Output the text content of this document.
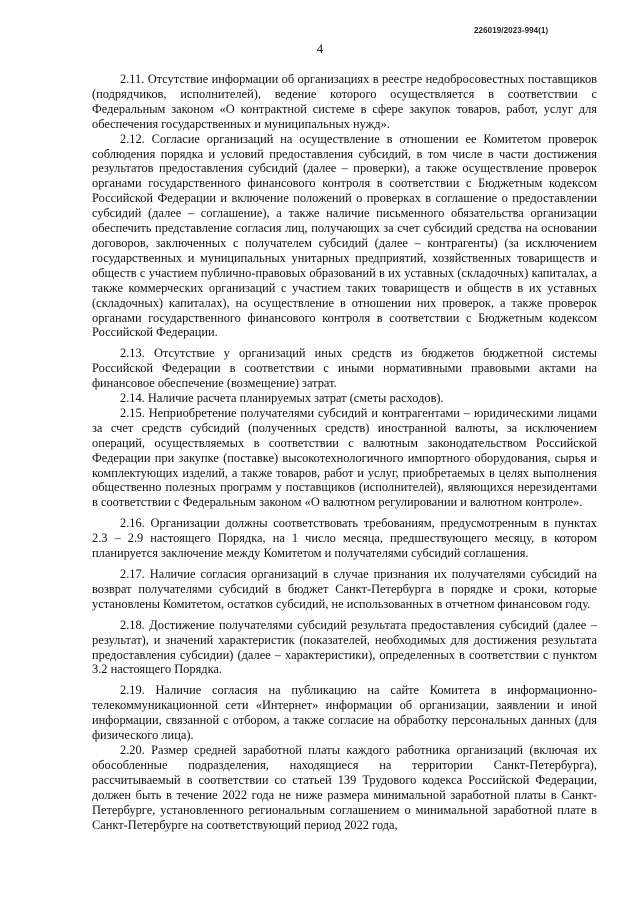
226019/2023-994(1)
4

2.11. Отсутствие информации об организациях в реестре недобросовестных поставщиков (подрядчиков, исполнителей), ведение которого осуществляется в соответствии с Федеральным законом «О контрактной системе в сфере закупок товаров, работ, услуг для обеспечения государственных и муниципальных нужд».

2.12. Согласие организаций на осуществление в отношении ее Комитетом проверок соблюдения порядка и условий предоставления субсидий, в том числе в части достижения результатов предоставления субсидий (далее – проверки), а также осуществление проверок органами государственного финансового контроля в соответствии с Бюджетным кодексом Российской Федерации и включение положений о проверках в соглашение о предоставлении субсидий (далее – соглашение), а также наличие письменного обязательства организации обеспечить представление согласия лиц, получающих за счет субсидий средства на основании договоров, заключенных с получателем субсидий (далее – контрагенты) (за исключением государственных и муниципальных унитарных предприятий, хозяйственных товариществ и обществ с участием публично-правовых образований в их уставных (складочных) капиталах, а также коммерческих организаций с участием таких товариществ и обществ в их уставных (складочных) капиталах), на осуществление в отношении них проверок, а также проверок органами государственного финансового контроля в соответствии с Бюджетным кодексом Российской Федерации.

2.13. Отсутствие у организаций иных средств из бюджетов бюджетной системы Российской Федерации в соответствии с иными нормативными правовыми актами на финансовое обеспечение (возмещение) затрат.

2.14. Наличие расчета планируемых затрат (сметы расходов).

2.15. Неприобретение получателями субсидий и контрагентами – юридическими лицами за счет средств субсидий (полученных средств) иностранной валюты, за исключением операций, осуществляемых в соответствии с валютным законодательством Российской Федерации при закупке (поставке) высокотехнологичного импортного оборудования, сырья и комплектующих изделий, а также товаров, работ и услуг, приобретаемых в целях выполнения общественно полезных программ у поставщиков (исполнителей), являющихся нерезидентами в соответствии с Федеральным законом «О валютном регулировании и валютном контроле».

2.16. Организации должны соответствовать требованиям, предусмотренным в пунктах 2.3 – 2.9 настоящего Порядка, на 1 число месяца, предшествующего месяцу, в котором планируется заключение между Комитетом и получателями субсидий соглашения.

2.17. Наличие согласия организаций в случае признания их получателями субсидий на возврат получателями субсидий в бюджет Санкт-Петербурга в порядке и сроки, которые установлены Комитетом, остатков субсидий, не использованных в отчетном финансовом году.

2.18. Достижение получателями субсидий результата предоставления субсидий (далее – результат), и значений характеристик (показателей, необходимых для достижения результата предоставления субсидии) (далее – характеристики), определенных в соответствии с пунктом 3.2 настоящего Порядка.

2.19. Наличие согласия на публикацию на сайте Комитета в информационно-телекоммуникационной сети «Интернет» информации об организации, заявлении и иной информации, связанной с отбором, а также согласие на обработку персональных данных (для физического лица).

2.20. Размер средней заработной платы каждого работника организаций (включая их обособленные подразделения, находящиеся на территории Санкт-Петербурга), рассчитываемый в соответствии со статьей 139 Трудового кодекса Российской Федерации, должен быть в течение 2022 года не ниже размера минимальной заработной платы в Санкт-Петербурге, установленного региональным соглашением о минимальной заработной плате в Санкт-Петербурге на соответствующий период 2022 года,
